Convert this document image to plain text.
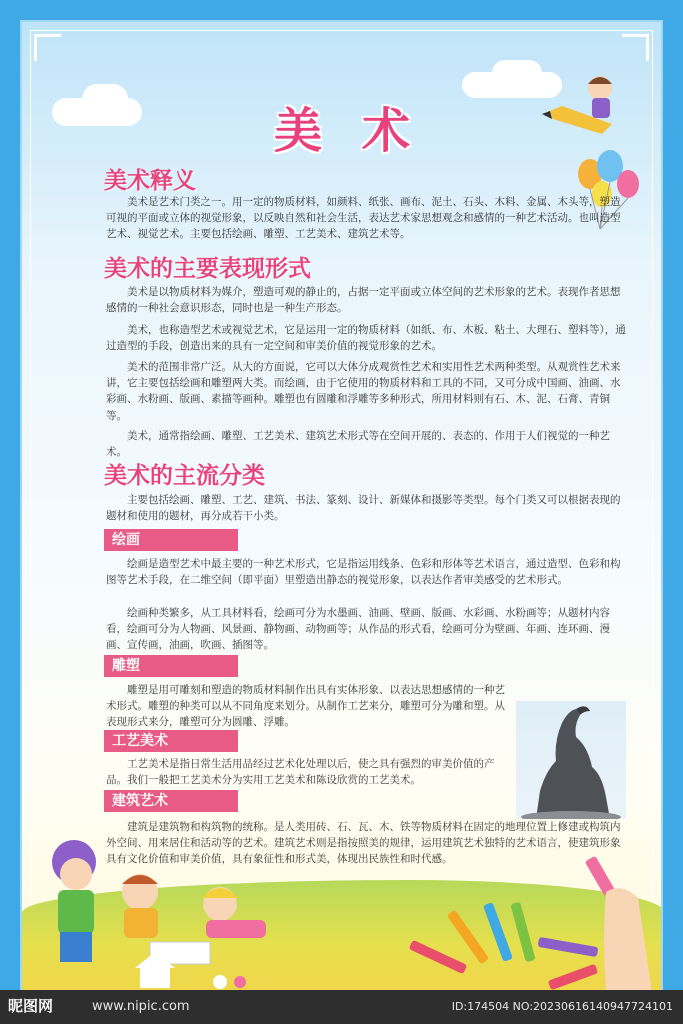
美术
美术释义
美术是艺术门类之一。用一定的物质材料，如颜料、纸张、画布、泥土、石头、木料、金属、木头等，塑造可视的平面或立体的视觉形象，以反映自然和社会生活，表达艺术家思想观念和感情的一种艺术活动。也叫造型艺术、视觉艺术。主要包括绘画、雕塑、工艺美术、建筑艺术等。
美术的主要表现形式
美术是以物质材料为媒介，塑造可观的静止的，占据一定平面或立体空间的艺术形象的艺术。表现作者思想感情的一种社会意识形态，同时也是一种生产形态。
美术，也称造型艺术或视觉艺术，它是运用一定的物质材料（如纸、布、木板、粘土、大理石、塑料等），通过造型的手段，创造出来的具有一定空间和审美价值的视觉形象的艺术。
美术的范围非常广泛。从大的方面说，它可以大体分成观赏性艺术和实用性艺术两种类型。从观赏性艺术来讲，它主要包括绘画和雕塑两大类。而绘画，由于它使用的物质材料和工具的不同，又可分成中国画、油画、水彩画、水粉画、版画、素描等画种。雕塑也有圆雕和浮雕等多种形式，所用材料则有石、木、泥、石膏、青铜等。
美术，通常指绘画、雕塑、工艺美术、建筑艺术形式等在空间开展的、表态的、作用于人们视觉的一种艺术。
美术的主流分类
主要包括绘画、雕塑、工艺、建筑、书法、篆刻、设计、新媒体和摄影等类型。每个门类又可以根据表现的题材和使用的题材，再分成若干小类。
绘画
绘画是造型艺术中最主要的一种艺术形式，它是指运用线条、色彩和形体等艺术语言，通过造型、色彩和构图等艺术手段，在二维空间（即平面）里塑造出静态的视觉形象，以表达作者审美感受的艺术形式。
绘画种类繁多，从工具材料看，绘画可分为水墨画、油画、壁画、版画、水彩画、水粉画等；从题材内容看，绘画可分为人物画、风景画、静物画、动物画等；从作品的形式看，绘画可分为壁画、年画、连环画、漫画、宣传画，油画，吹画、插图等。
雕塑
雕塑是用可雕刻和塑造的物质材料制作出具有实体形象、以表达思想感情的一种艺术形式。雕塑的种类可以从不同角度来划分。从制作工艺来分，雕塑可分为雕和塑。从表现形式来分，雕塑可分为圆雕、浮雕。
工艺美术
工艺美术是指日常生活用品经过艺术化处理以后，使之具有强烈的审美价值的产品。我们一般把工艺美术分为实用工艺美术和陈设欣赏的工艺美术。
建筑艺术
建筑是建筑物和构筑物的统称。是人类用砖、石、瓦、木、铁等物质材料在固定的地理位置上修建或构筑内外空间、用来居住和活动等的艺术。建筑艺术则是指按照美的规律，运用建筑艺术独特的艺术语言，使建筑形象具有文化价值和审美价值，具有象征性和形式美，体现出民族性和时代感。
昵图网	www.nipic.com	ID:174504 NO:20230616140947724101
